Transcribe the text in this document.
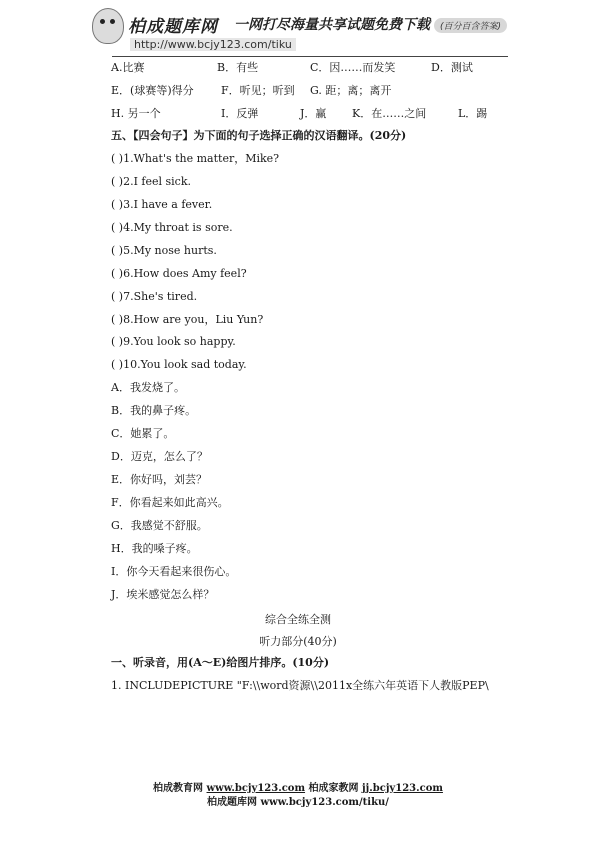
柏成题库网 一网打尽海量共享试题免费下载	(百分百含答案)
http://www.bcjy123.com/tiku
A.比赛	B．有些	C．因……而发笑	D．测试
E．(球赛等)得分 F．听见；听到 G. 距；离；离开
H. 另一个	I．反弹	J．赢 K．在……之间	L．踢
五、【四会句子】为下面的句子选择正确的汉语翻译。(20分)
( )1.What's the matter，Mike?
( )2.I feel sick.
( )3.I have a fever.
( )4.My throat is sore.
( )5.My nose hurts.
( )6.How does Amy feel?
( )7.She's tired.
( )8.How are you，Liu Yun?
( )9.You look so happy.
( )10.You look sad today.
A．我发烧了。
B．我的鼻子疼。
C．她累了。
D．迈克，怎么了？
E．你好吗，刘芸？
F．你看起来如此高兴。
G．我感觉不舒服。
H．我的嗓子疼。
I．你今天看起来很伤心。
J．埃米感觉怎么样？
综合全练全测
听力部分(40分)
一、听录音，用(A～E)给图片排序。(10分)
1. INCLUDEPICTURE "F:\\word资源\\2011x全练六年英语下人教版PEP\
柏成教育网 www.bcjy123.com 柏成家教网 jj.bcjy123.com
柏成题库网 www.bcjy123.com/tiku/
